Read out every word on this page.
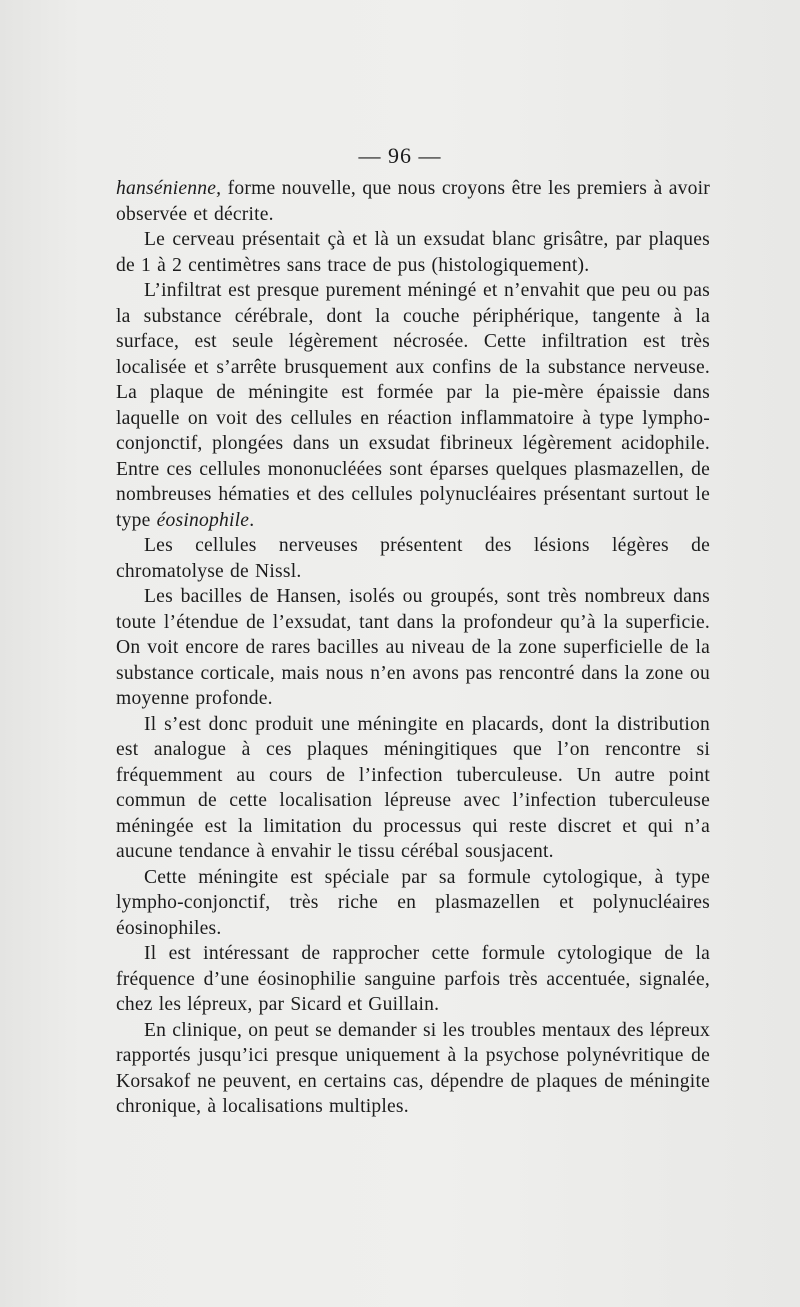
— 96 —

hansénienne, forme nouvelle, que nous croyons être les premiers à avoir observée et décrite.

Le cerveau présentait çà et là un exsudat blanc grisâtre, par plaques de 1 à 2 centimètres sans trace de pus (histologiquement).

L’infiltrat est presque purement méningé et n’envahit que peu ou pas la substance cérébrale, dont la couche périphérique, tangente à la surface, est seule légèrement nécrosée. Cette infiltration est très localisée et s’arrête brusquement aux confins de la substance nerveuse. La plaque de méningite est formée par la pie-mère épaissie dans laquelle on voit des cellules en réaction inflammatoire à type lympho-conjonctif, plongées dans un exsudat fibrineux légèrement acidophile. Entre ces cellules mononucléées sont éparses quelques plasmazellen, de nombreuses hématies et des cellules polynucléaires présentant surtout le type éosinophile.

Les cellules nerveuses présentent des lésions légères de chromatolyse de Nissl.

Les bacilles de Hansen, isolés ou groupés, sont très nombreux dans toute l’étendue de l’exsudat, tant dans la profondeur qu’à la superficie. On voit encore de rares bacilles au niveau de la zone superficielle de la substance corticale, mais nous n’en avons pas rencontré dans la zone ou moyenne profonde.

Il s’est donc produit une méningite en placards, dont la distribution est analogue à ces plaques méningitiques que l’on rencontre si fréquemment au cours de l’infection tuberculeuse. Un autre point commun de cette localisation lépreuse avec l’infection tuberculeuse méningée est la limitation du processus qui reste discret et qui n’a aucune tendance à envahir le tissu cérébal sousjacent.

Cette méningite est spéciale par sa formule cytologique, à type lympho-conjonctif, très riche en plasmazellen et polynucléaires éosinophiles.

Il est intéressant de rapprocher cette formule cytologique de la fréquence d’une éosinophilie sanguine parfois très accentuée, signalée, chez les lépreux, par Sicard et Guillain.

En clinique, on peut se demander si les troubles mentaux des lépreux rapportés jusqu’ici presque uniquement à la psychose polynévritique de Korsakof ne peuvent, en certains cas, dépendre de plaques de méningite chronique, à localisations multiples.
